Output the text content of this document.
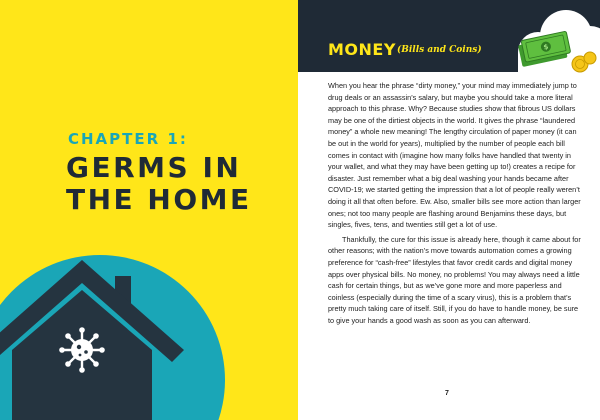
CHAPTER 1:
GERMS IN
THE HOME
MONEY (Bills and Coins)	$

When you hear the phrase “dirty money,” your mind may immediately jump to drug deals or an assassin’s salary, but maybe you should take a more literal approach to this phrase. Why? Because studies show that fibrous US dollars may be one of the dirtiest objects in the world. It gives the phrase “laundered money” a whole new meaning! The lengthy circulation of paper money (it can be out in the world for years), multiplied by the number of people each bill comes in contact with (imagine how many folks have handled that twenty in your wallet, and what they may have been getting up to!) creates a recipe for disaster. Just remember what a big deal washing your hands became after COVID-19; we started getting the impression that a lot of people really weren’t doing it all that often before. Ew. Also, smaller bills see more action than larger ones; not too many people are flashing around Benjamins these days, but singles, fives, tens, and twenties still get a lot of use.

Thankfully, the cure for this issue is already here, though it came about for other reasons; with the nation’s move towards automation comes a growing preference for “cash-free” lifestyles that favor credit cards and digital money apps over physical bills. No money, no problems! You may always need a little cash for certain things, but as we’ve gone more and more paperless and coinless (especially during the time of a scary virus), this is a problem that’s pretty much taking care of itself. Still, if you do have to handle money, be sure to give your hands a good wash as soon as you can afterward.

7
